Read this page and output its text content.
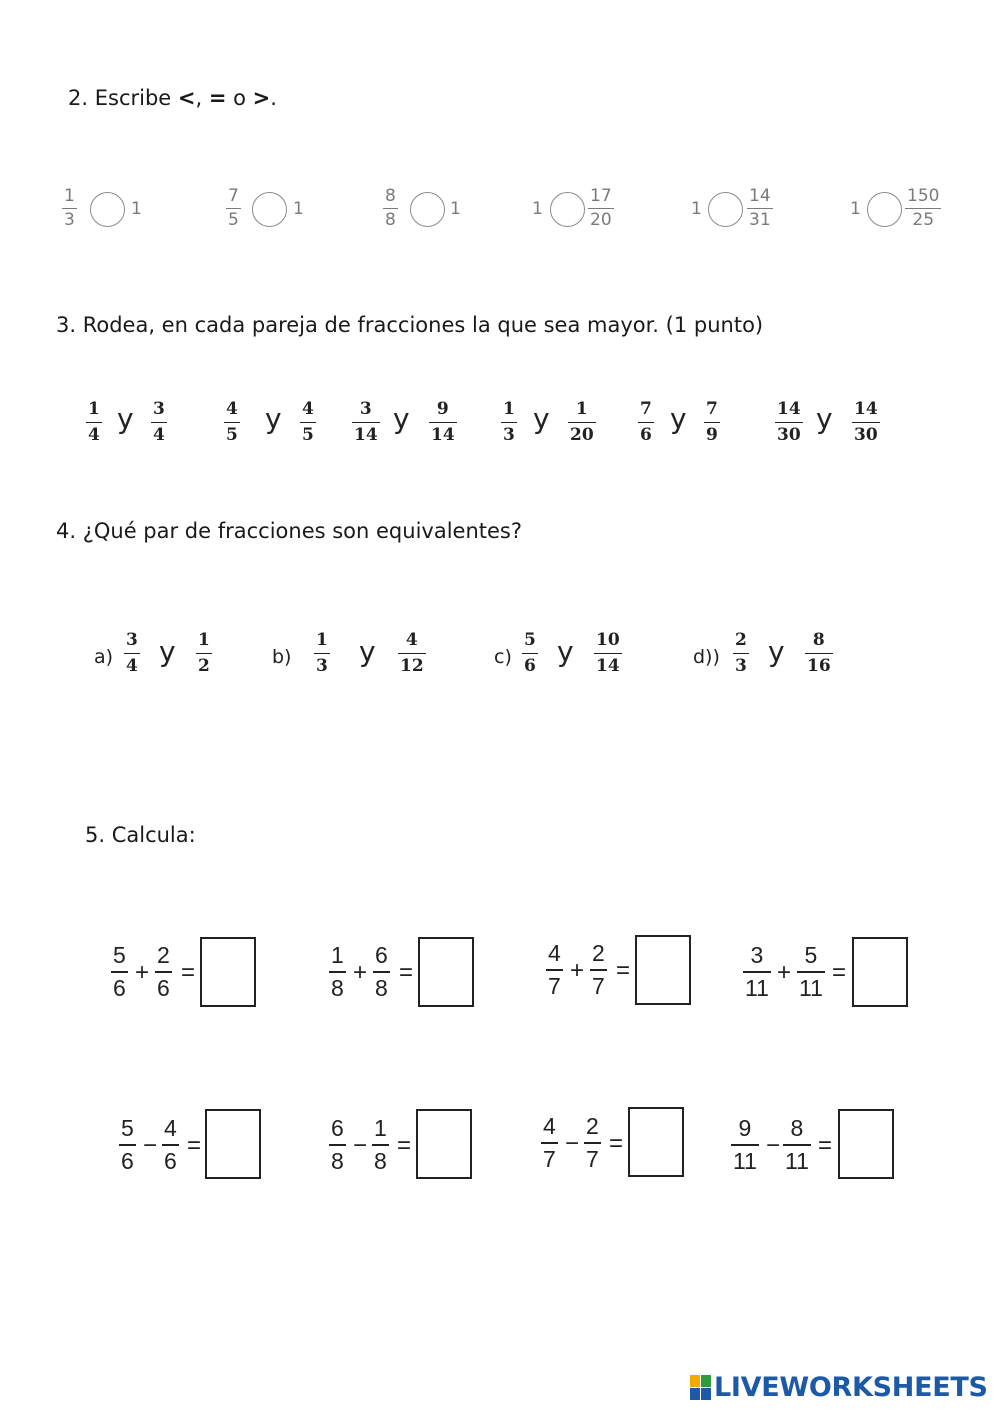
2. Escribe <, = o >.
1
3
1
7
5
1
8
8
1	1
17
20
1
14
31
1
150
25
3. Rodea, en cada pareja de fracciones la que sea mayor. (1 punto)
1
4 y 3
4
4
5 y 4
5
3
14 y 9
14
1
3 y 1
20
7
6 y 7
9
14
30 y 14
30
4. ¿Qué par de fracciones son equivalentes?
a)
3
4 y 1
2	b)
1
3 y 4
12	c)
5
6 y 10
14	d))
2
3 y 8
16
5. Calcula:
5
6
+
2
6
=
1
8
+
6
8
=
4
7
+
2
7
=
3
11
+
5
11
=
5
6
−
4
6
=
6
8
−
1
8
=
4
7
−
2
7
=
9
11
−
8
11
=
LIVEWORKSHEETS
